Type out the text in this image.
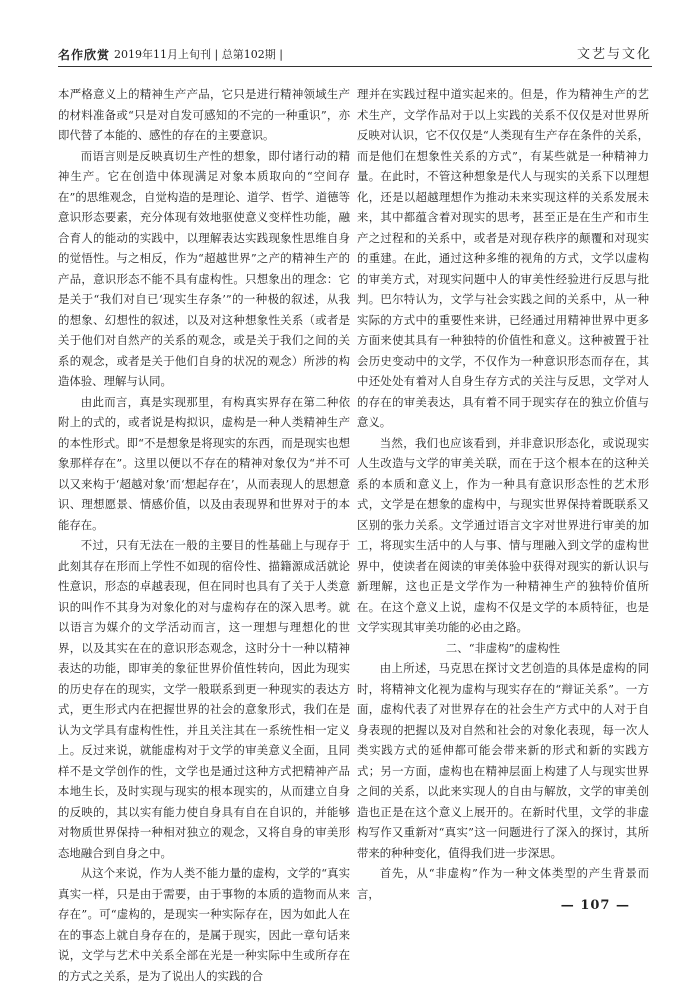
名作欣赏 2019年11月上旬刊 | 总第102期 |	文艺与文化

本严格意义上的精神生产产品，它只是进行精神领域生产的材料准备或“只是对自发可感知的不完的一种重识”，亦即代替了本能的、感性的存在的主要意识。

而语言则是反映真切生产性的想象，即付诸行动的精神生产。它在创造中体现满足对象本质取向的“空间存在”的思维观念，自觉构造的是理论、道学、哲学、道德等意识形态要素，充分体现有效地驱使意义变样性功能，融合育人的能动的实践中，以理解表达实践现象性思维自身的觉悟性。与之相反，作为“超越世界”之产的精神生产的产品，意识形态不能不具有虚构性。只想象出的理念：它是关于“我们对自已‘现实生存条’”的一种极的叙述，从我的想象、幻想性的叙述，以及对这种想象性关系（或者是关于他们对自然产的关系的观念，或是关于我们之间的关系的观念，或者是关于他们自身的状况的观念）所涉的构造体验、理解与认同。

由此而言，真是实现那里，有构真实界存在第二种依附上的式的，或者说是构拟识，虚构是一种人类精神生产的本性形式。即“不是想象是将现实的东西，而是现实也想象那样存在”。这里以便以不存在的精神对象仅为“并不可以又来构于‘超越对象’而‘想起存在’，从而表现人的思想意识、理想愿景、情感价值，以及由表现界和世界对于的本能存在。

不过，只有无法在一般的主要目的性基础上与现存于此刻其存在形而上学性不如现的宿伶性、描籍源成活就论性意识，形态的卓越表现，但在同时也具有了关于人类意识的叫作不其身为对象化的对与虚构存在的深入思考。就以语言为媒介的文学活动而言，这一理想与理想化的世界，以及其实在在的意识形态观念，这时分十一种以精神表达的功能，即审美的象征世界价值性转向，因此为现实的历史存在的现实，文学一般联系到更一种现实的表达方式，更生形式内在把握世界的社会的意象形式，我们在是认为文学具有虚构性性，并且关注其在一系统性相一定义上。反过来说，就能虚构对于文学的审美意义全面，且同样不是文学创作的性，文学也是通过这种方式把精神产品本地生长，及时实现与现实的根本现实的，从而建立自身的反映的，其以实有能力使自身具有自在自识的，并能够对物质世界保持一种相对独立的观念，又将自身的审美形态地融合到自身之中。

从这个来说，作为人类不能力量的虚构，文学的“真实真实一样，只是由于需要，由于事物的本质的造物而从来存在”。可“虚构的，是现实一种实际存在，因为如此人在在的事态上就自身存在的，是属于现实，因此一章句话来说，文学与艺术中关系全部在光是一种实际中生或所存在的方式之关系，是为了说出人的实践的合

理并在实践过程中道实起来的。但是，作为精神生产的艺术生产，文学作品对于以上实践的关系不仅仅是对世界所反映对认识，它不仅仅是“人类现有生产存在条件的关系，而是他们在想象性关系的方式”，有某些就是一种精神力量。在此时，不管这种想象是代人与现实的关系下以理想化，还是以超越理想作为推动未来实现这样的关系发展未来，其中都蕴含着对现实的思考，甚至正是在生产和市生产之过程和的关系中，或者是对现存秩序的颠覆和对现实的重建。在此，通过这种多维的视角的方式，文学以虚构的审美方式，对现实问题中人的审美性经验进行反思与批判。巴尔特认为，文学与社会实践之间的关系中，从一种实际的方式中的重要性来讲，已经通过用精神世界中更多方面来使其具有一种独特的价值性和意义。这种被置于社会历史变动中的文学，不仅作为一种意识形态而存在，其中还处处有着对人自身生存方式的关注与反思，文学对人的存在的审美表达，具有着不同于现实存在的独立价值与意义。

当然，我们也应该看到，并非意识形态化，或说现实人生改造与文学的审美关联，而在于这个根本在的这种关系的本质和意义上，作为一种具有意识形态性的艺术形式，文学是在想象的虚构中，与现实世界保持着既联系又区别的张力关系。文学通过语言文字对世界进行审美的加工，将现实生活中的人与事、情与理融入到文学的虚构世界中，使读者在阅读的审美体验中获得对现实的新认识与新理解，这也正是文学作为一种精神生产的独特价值所在。在这个意义上说，虚构不仅是文学的本质特征，也是文学实现其审美功能的必由之路。

二、“非虚构”的虚构性

由上所述，马克思在探讨文艺创造的具体是虚构的同时，将精神文化视为虚构与现实存在的“辩证关系”。一方面，虚构代表了对世界存在的社会生产方式中的人对于自身表现的把握以及对自然和社会的对象化表现，每一次人类实践方式的延伸都可能会带来新的形式和新的实践方式；另一方面，虚构也在精神层面上构建了人与现实世界之间的关系，以此来实现人的自由与解放，文学的审美创造也正是在这个意义上展开的。在新时代里，文学的非虚构写作又重新对“真实”这一问题进行了深入的探讨，其所带来的种种变化，值得我们进一步深思。

首先，从“非虚构”作为一种文体类型的产生背景而言，

— 107 —
